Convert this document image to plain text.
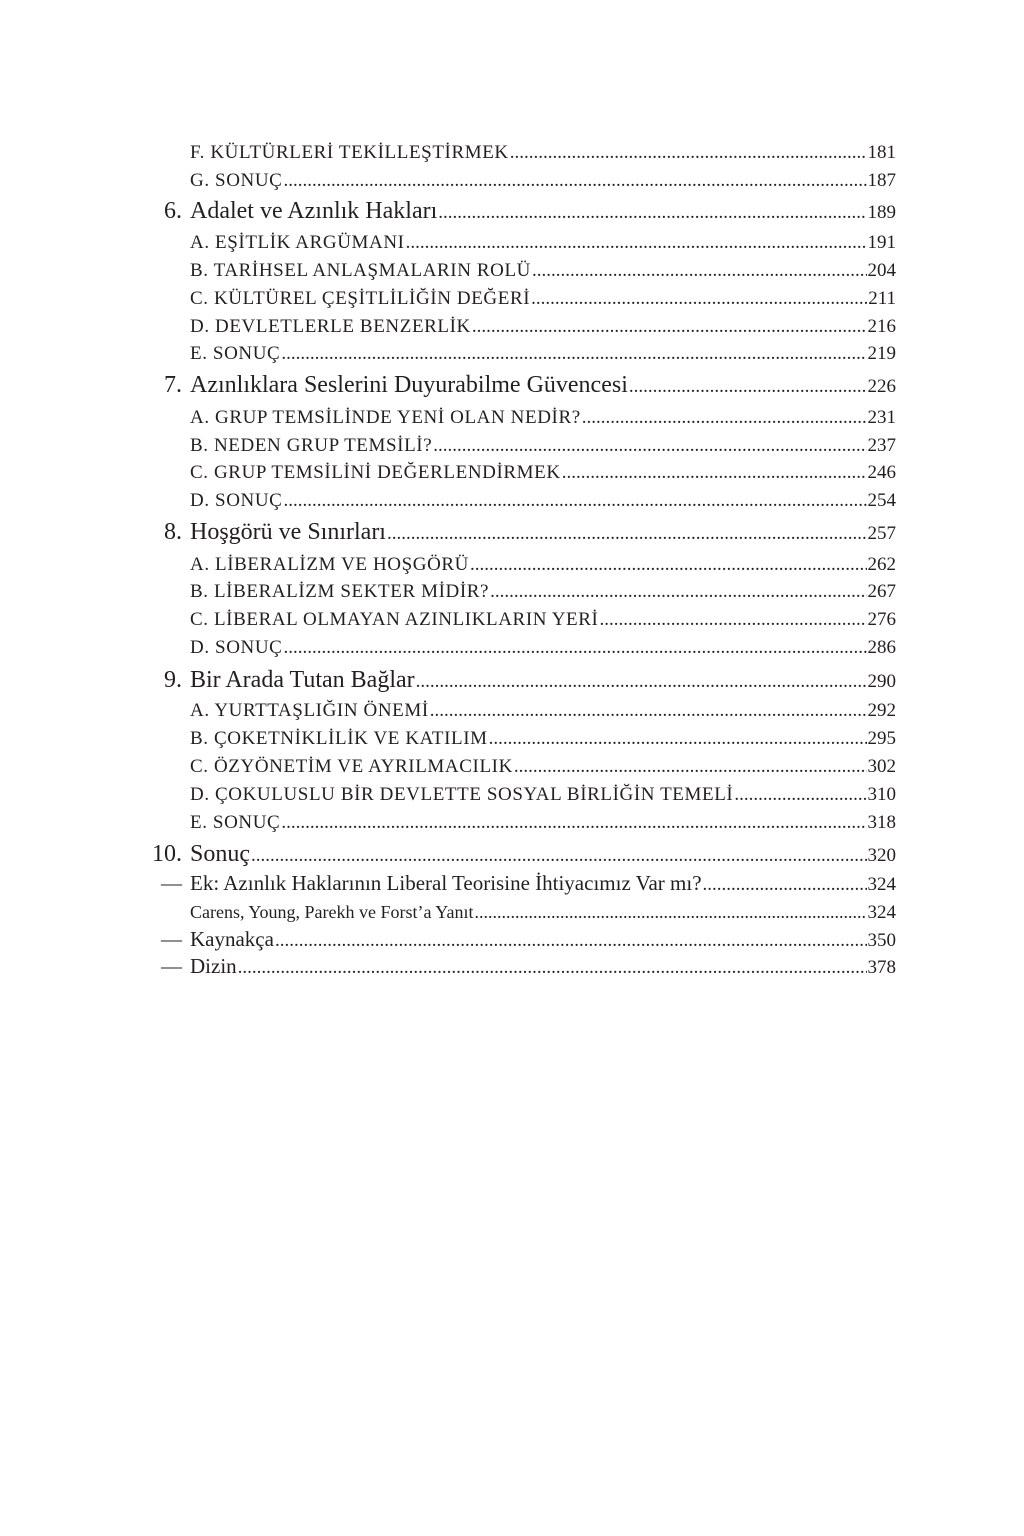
F. KÜLTÜRLERİ TEKİLLEŞTİRMEK .....	181
G. SONUÇ .....	187
6. Adalet ve Azınlık Hakları .....	189
A. EŞİTLİK ARGÜMANI .....	191
B. TARİHSEL ANLAŞMALARIN ROLÜ .....	204
C. KÜLTÜREL ÇEŞİTLİLİĞİN DEĞERİ .....	211
D. DEVLETLERLE BENZERLİK .....	216
E. SONUÇ .....	219
7. Azınlıklara Seslerini Duyurabilme Güvencesi .....	226
A. GRUP TEMSİLİNDE YENİ OLAN NEDİR? .....	231
B. NEDEN GRUP TEMSİLİ? .....	237
C. GRUP TEMSİLİNİ DEĞERLENDİRMEK .....	246
D. SONUÇ .....	254
8. Hoşgörü ve Sınırları .....	257
A. LİBERALİZM VE HOŞGÖRÜ .....	262
B. LİBERALİZM SEKTER MİDİR? .....	267
C. LİBERAL OLMAYAN AZINLIKLARIN YERİ .....	276
D. SONUÇ .....	286
9. Bir Arada Tutan Bağlar .....	290
A. YURTTAŞLIĞIN ÖNEMİ .....	292
B. ÇOKETNİKLİLİK VE KATILIM .....	295
C. ÖZYÖNETİM VE AYRILMACILIK .....	302
D. ÇOKULUSLU BİR DEVLETTE SOSYAL BİRLİĞİN TEMELİ .....	310
E. SONUÇ .....	318
10. Sonuç .....	320
— Ek: Azınlık Haklarının Liberal Teorisine İhtiyacımız Var mı? .....	324
Carens, Young, Parekh ve Forst’a Yanıt .....	324
— Kaynakça .....	350
— Dizin .....	378
